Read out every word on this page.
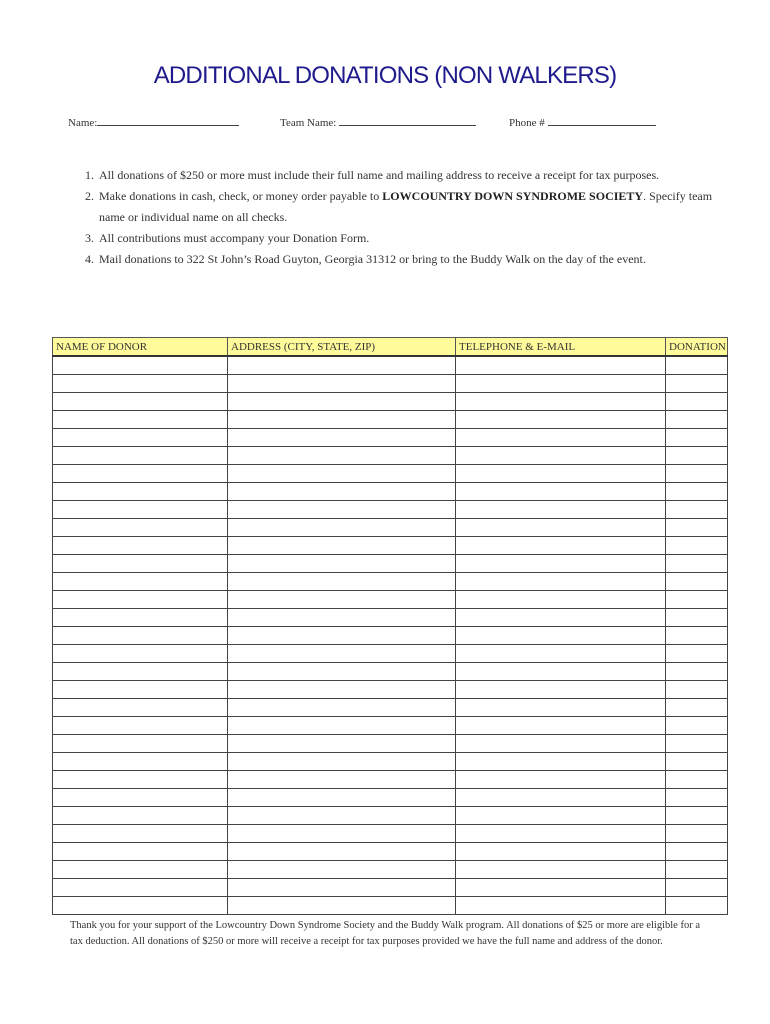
ADDITIONAL DONATIONS (NON WALKERS)
Name:	Team Name:	Phone #
1. All donations of $250 or more must include their full name and mailing address to receive a receipt for tax purposes.
2. Make donations in cash, check, or money order payable to LOWCOUNTRY DOWN SYNDROME SOCIETY. Specify team name or individual name on all checks.
3. All contributions must accompany your Donation Form.
4. Mail donations to 322 St John’s Road Guyton, Georgia 31312 or bring to the Buddy Walk on the day of the event.
NAME OF DONOR	ADDRESS (CITY, STATE, ZIP)	TELEPHONE & E-MAIL	DONATION

Thank you for your support of the Lowcountry Down Syndrome Society and the Buddy Walk program. All donations of $25 or more are eligible for a tax deduction. All donations of $250 or more will receive a receipt for tax purposes provided we have the full name and address of the donor.
